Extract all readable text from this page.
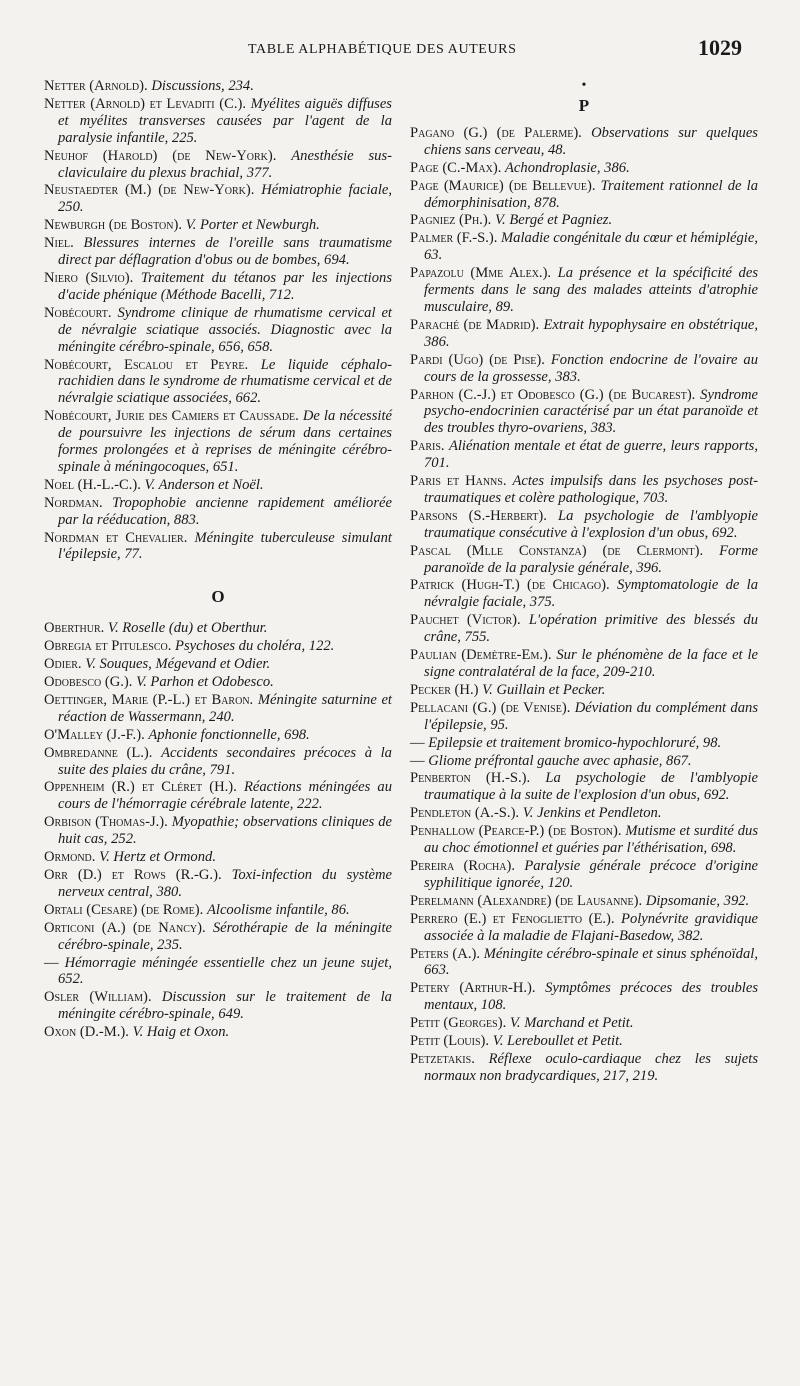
TABLE ALPHABÉTIQUE DES AUTEURS	1029

Netter (Arnold). Discussions, 234.

Netter (Arnold) et Levaditi (C.). Myélites aiguës diffuses et myélites transverses causées par l'agent de la paralysie infantile, 225.

Neuhof (Harold) (de New-York). Anesthésie sus-claviculaire du plexus brachial, 377.

Neustaedter (M.) (de New-York). Hémiatrophie faciale, 250.

Newburgh (de Boston). V. Porter et Newburgh.

Niel. Blessures internes de l'oreille sans traumatisme direct par déflagration d'obus ou de bombes, 694.

Niero (Silvio). Traitement du tétanos par les injections d'acide phénique (Méthode Bacelli, 712.

Nobécourt. Syndrome clinique de rhumatisme cervical et de névralgie sciatique associés. Diagnostic avec la méningite cérébro-spinale, 656, 658.

Nobécourt, Escalou et Peyre. Le liquide céphalo-rachidien dans le syndrome de rhumatisme cervical et de névralgie sciatique associées, 662.

Nobécourt, Jurie des Camiers et Caussade. De la nécessité de poursuivre les injections de sérum dans certaines formes prolongées et à reprises de méningite cérébro-spinale à méningocoques, 651.

Noel (H.-L.-C.). V. Anderson et Noël.

Nordman. Tropophobie ancienne rapidement améliorée par la rééducation, 883.

Nordman et Chevalier. Méningite tuberculeuse simulant l'épilepsie, 77.

O

Oberthur. V. Roselle (du) et Oberthur.

Obregia et Pitulesco. Psychoses du choléra, 122.

Odier. V. Souques, Mégevand et Odier.

Odobesco (G.). V. Parhon et Odobesco.

Oettinger, Marie (P.-L.) et Baron. Méningite saturnine et réaction de Wassermann, 240.

O'Malley (J.-F.). Aphonie fonctionnelle, 698.

Ombredanne (L.). Accidents secondaires précoces à la suite des plaies du crâne, 791.

Oppenheim (R.) et Cléret (H.). Réactions méningées au cours de l'hémorragie cérébrale latente, 222.

Orbison (Thomas-J.). Myopathie; observations cliniques de huit cas, 252.

Ormond. V. Hertz et Ormond.

Orr (D.) et Rows (R.-G.). Toxi-infection du système nerveux central, 380.

Ortali (Cesare) (de Rome). Alcoolisme infantile, 86.

Orticoni (A.) (de Nancy). Sérothérapie de la méningite cérébro-spinale, 235.

— Hémorragie méningée essentielle chez un jeune sujet, 652.

Osler (William). Discussion sur le traitement de la méningite cérébro-spinale, 649.

Oxon (D.-M.). V. Haig et Oxon.

•

P

Pagano (G.) (de Palerme). Observations sur quelques chiens sans cerveau, 48.

Page (C.-Max). Achondroplasie, 386.

Page (Maurice) (de Bellevue). Traitement rationnel de la démorphinisation, 878.

Pagniez (Ph.). V. Bergé et Pagniez.

Palmer (F.-S.). Maladie congénitale du cœur et hémiplégie, 63.

Papazolu (Mme Alex.). La présence et la spécificité des ferments dans le sang des malades atteints d'atrophie musculaire, 89.

Paraché (de Madrid). Extrait hypophysaire en obstétrique, 386.

Pardi (Ugo) (de Pise). Fonction endocrine de l'ovaire au cours de la grossesse, 383.

Parhon (C.-J.) et Odobesco (G.) (de Bucarest). Syndrome psycho-endocrinien caractérisé par un état paranoïde et des troubles thyro-ovariens, 383.

Paris. Aliénation mentale et état de guerre, leurs rapports, 701.

Paris et Hanns. Actes impulsifs dans les psychoses post-traumatiques et colère pathologique, 703.

Parsons (S.-Herbert). La psychologie de l'amblyopie traumatique consécutive à l'explosion d'un obus, 692.

Pascal (Mlle Constanza) (de Clermont). Forme paranoïde de la paralysie générale, 396.

Patrick (Hugh-T.) (de Chicago). Symptomatologie de la névralgie faciale, 375.

Pauchet (Victor). L'opération primitive des blessés du crâne, 755.

Paulian (Demètre-Em.). Sur le phénomène de la face et le signe contralatéral de la face, 209-210.

Pecker (H.) V. Guillain et Pecker.

Pellacani (G.) (de Venise). Déviation du complément dans l'épilepsie, 95.

— Epilepsie et traitement bromico-hypochloruré, 98.

— Gliome préfrontal gauche avec aphasie, 867.

Penberton (H.-S.). La psychologie de l'amblyopie traumatique à la suite de l'explosion d'un obus, 692.

Pendleton (A.-S.). V. Jenkins et Pendleton.

Penhallow (Pearce-P.) (de Boston). Mutisme et surdité dus au choc émotionnel et guéries par l'éthérisation, 698.

Pereira (Rocha). Paralysie générale précoce d'origine syphilitique ignorée, 120.

Perelmann (Alexandre) (de Lausanne). Dipsomanie, 392.

Perrero (E.) et Fenoglietto (E.). Polynévrite gravidique associée à la maladie de Flajani-Basedow, 382.

Peters (A.). Méningite cérébro-spinale et sinus sphénoïdal, 663.

Petery (Arthur-H.). Symptômes précoces des troubles mentaux, 108.

Petit (Georges). V. Marchand et Petit.

Petit (Louis). V. Lereboullet et Petit.

Petzetakis. Réflexe oculo-cardiaque chez les sujets normaux non bradycardiques, 217, 219.
